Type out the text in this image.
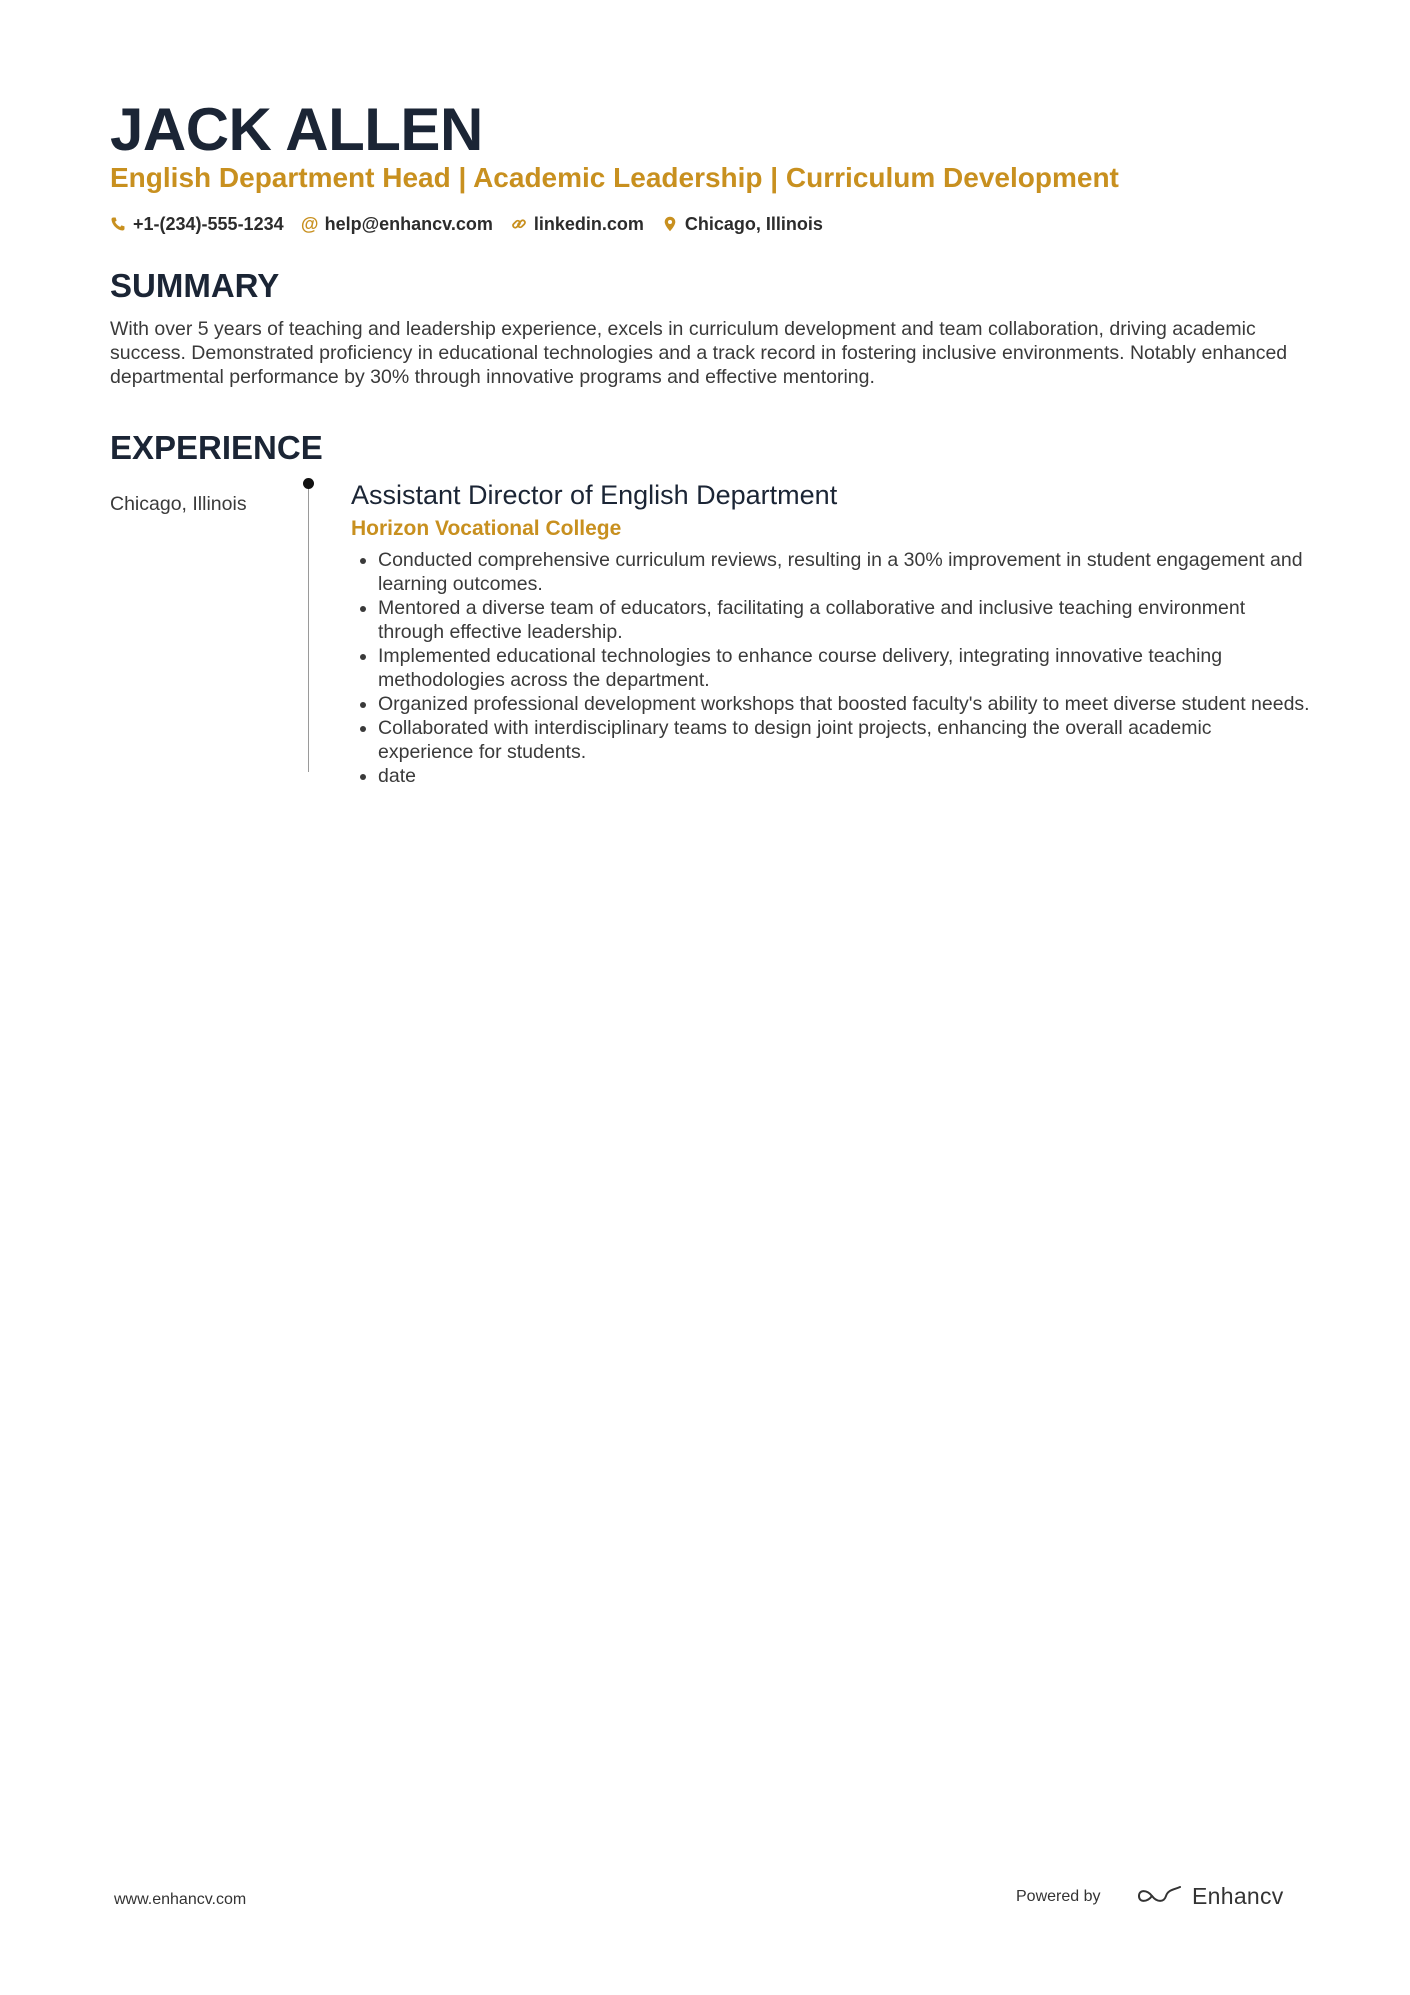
JACK ALLEN
English Department Head | Academic Leadership | Curriculum Development
+1-(234)-555-1234 @ help@enhancv.com linkedin.com Chicago, Illinois
SUMMARY

With over 5 years of teaching and leadership experience, excels in curriculum development and team collaboration, driving academic success. Demonstrated proficiency in educational technologies and a track record in fostering inclusive environments. Notably enhanced departmental performance by 30% through innovative programs and effective mentoring.

EXPERIENCE
Chicago, Illinois	Assistant Director of English Department
Horizon Vocational College
Conducted comprehensive curriculum reviews, resulting in a 30% improvement in student engagement and learning outcomes.
Mentored a diverse team of educators, facilitating a collaborative and inclusive teaching environment through effective leadership.
Implemented educational technologies to enhance course delivery, integrating innovative teaching methodologies across the department.
Organized professional development workshops that boosted faculty's ability to meet diverse student needs.
Collaborated with interdisciplinary teams to design joint projects, enhancing the overall academic experience for students.
date
www.enhancv.com	Powered by	Enhancv
